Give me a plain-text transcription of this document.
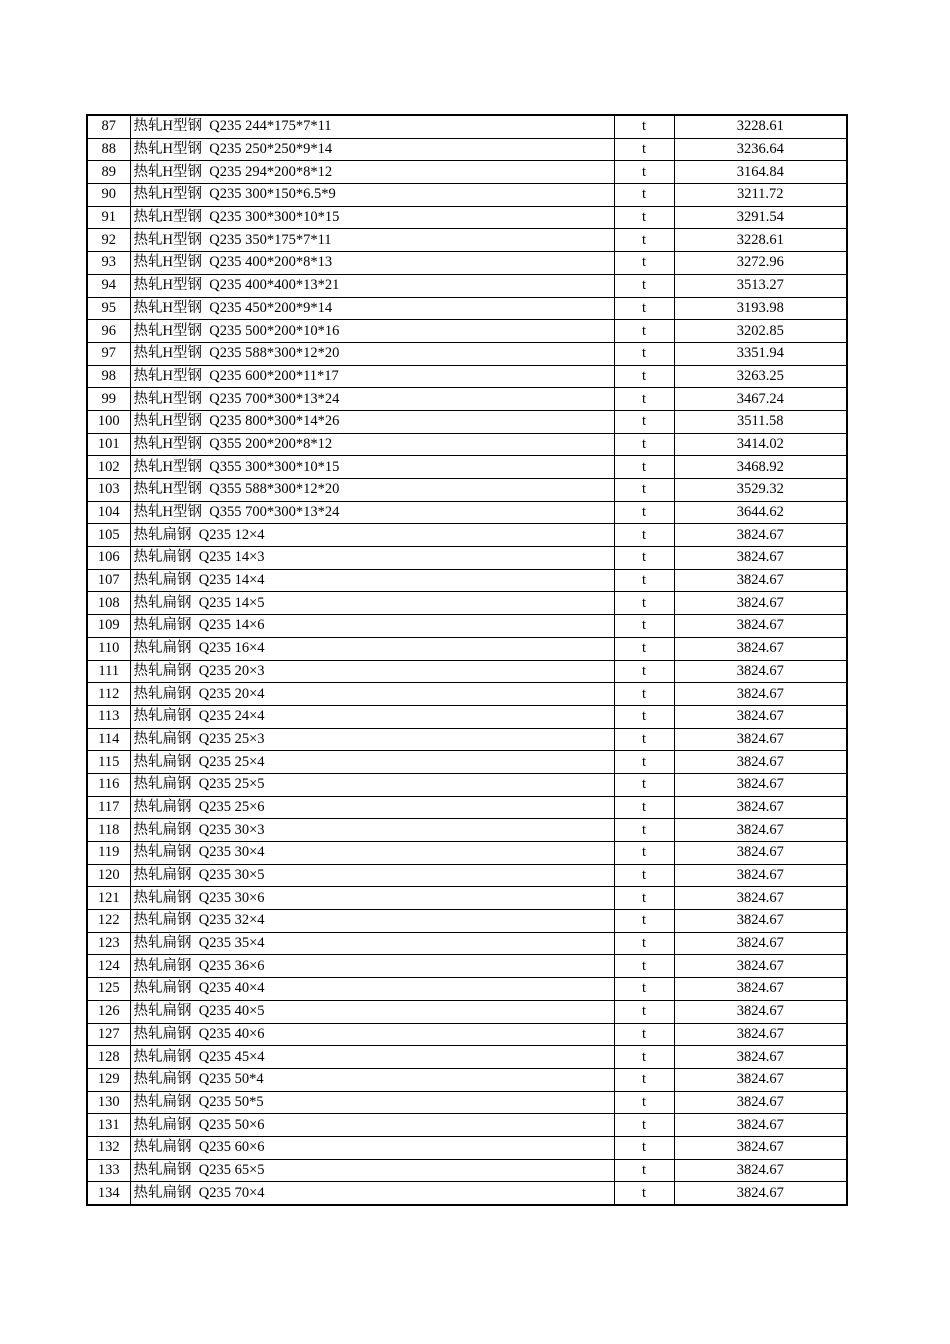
87	热轧H型钢  Q235 244*175*7*11	t	3228.61
88	热轧H型钢  Q235 250*250*9*14	t	3236.64
89	热轧H型钢  Q235 294*200*8*12	t	3164.84
90	热轧H型钢  Q235 300*150*6.5*9	t	3211.72
91	热轧H型钢  Q235 300*300*10*15	t	3291.54
92	热轧H型钢  Q235 350*175*7*11	t	3228.61
93	热轧H型钢  Q235 400*200*8*13	t	3272.96
94	热轧H型钢  Q235 400*400*13*21	t	3513.27
95	热轧H型钢  Q235 450*200*9*14	t	3193.98
96	热轧H型钢  Q235 500*200*10*16	t	3202.85
97	热轧H型钢  Q235 588*300*12*20	t	3351.94
98	热轧H型钢  Q235 600*200*11*17	t	3263.25
99	热轧H型钢  Q235 700*300*13*24	t	3467.24
100	热轧H型钢  Q235 800*300*14*26	t	3511.58
101	热轧H型钢  Q355 200*200*8*12	t	3414.02
102	热轧H型钢  Q355 300*300*10*15	t	3468.92
103	热轧H型钢  Q355 588*300*12*20	t	3529.32
104	热轧H型钢  Q355 700*300*13*24	t	3644.62
105	热轧扁钢  Q235 12×4	t	3824.67
106	热轧扁钢  Q235 14×3	t	3824.67
107	热轧扁钢  Q235 14×4	t	3824.67
108	热轧扁钢  Q235 14×5	t	3824.67
109	热轧扁钢  Q235 14×6	t	3824.67
110	热轧扁钢  Q235 16×4	t	3824.67
111	热轧扁钢  Q235 20×3	t	3824.67
112	热轧扁钢  Q235 20×4	t	3824.67
113	热轧扁钢  Q235 24×4	t	3824.67
114	热轧扁钢  Q235 25×3	t	3824.67
115	热轧扁钢  Q235 25×4	t	3824.67
116	热轧扁钢  Q235 25×5	t	3824.67
117	热轧扁钢  Q235 25×6	t	3824.67
118	热轧扁钢  Q235 30×3	t	3824.67
119	热轧扁钢  Q235 30×4	t	3824.67
120	热轧扁钢  Q235 30×5	t	3824.67
121	热轧扁钢  Q235 30×6	t	3824.67
122	热轧扁钢  Q235 32×4	t	3824.67
123	热轧扁钢  Q235 35×4	t	3824.67
124	热轧扁钢  Q235 36×6	t	3824.67
125	热轧扁钢  Q235 40×4	t	3824.67
126	热轧扁钢  Q235 40×5	t	3824.67
127	热轧扁钢  Q235 40×6	t	3824.67
128	热轧扁钢  Q235 45×4	t	3824.67
129	热轧扁钢  Q235 50*4	t	3824.67
130	热轧扁钢  Q235 50*5	t	3824.67
131	热轧扁钢  Q235 50×6	t	3824.67
132	热轧扁钢  Q235 60×6	t	3824.67
133	热轧扁钢  Q235 65×5	t	3824.67
134	热轧扁钢  Q235 70×4	t	3824.67
